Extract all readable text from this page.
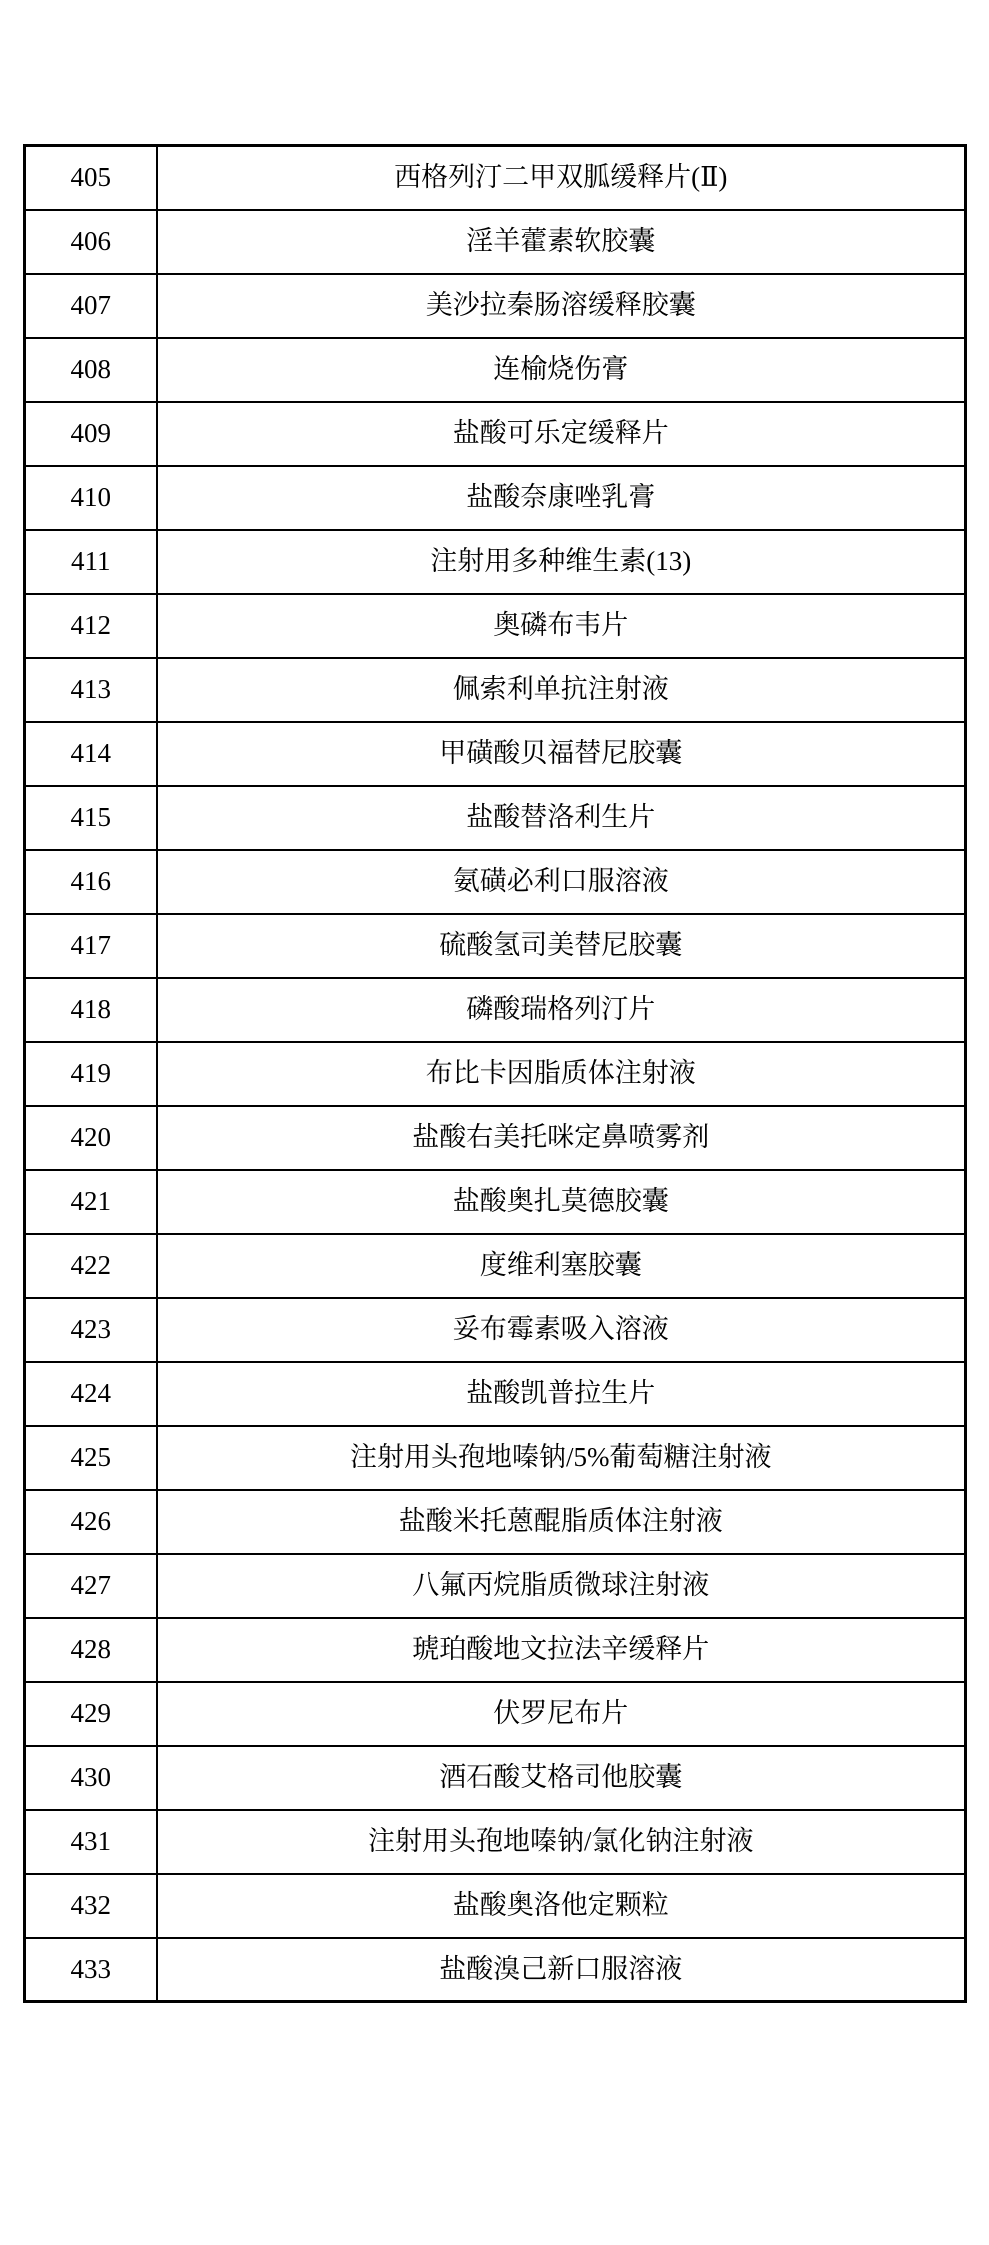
405	西格列汀二甲双胍缓释片(Ⅱ)
406	淫羊藿素软胶囊
407	美沙拉秦肠溶缓释胶囊
408	连榆烧伤膏
409	盐酸可乐定缓释片
410	盐酸奈康唑乳膏
411	注射用多种维生素(13)
412	奥磷布韦片
413	佩索利单抗注射液
414	甲磺酸贝福替尼胶囊
415	盐酸替洛利生片
416	氨磺必利口服溶液
417	硫酸氢司美替尼胶囊
418	磷酸瑞格列汀片
419	布比卡因脂质体注射液
420	盐酸右美托咪定鼻喷雾剂
421	盐酸奥扎莫德胶囊
422	度维利塞胶囊
423	妥布霉素吸入溶液
424	盐酸凯普拉生片
425	注射用头孢地嗪钠/5%葡萄糖注射液
426	盐酸米托蒽醌脂质体注射液
427	八氟丙烷脂质微球注射液
428	琥珀酸地文拉法辛缓释片
429	伏罗尼布片
430	酒石酸艾格司他胶囊
431	注射用头孢地嗪钠/氯化钠注射液
432	盐酸奥洛他定颗粒
433	盐酸溴己新口服溶液
